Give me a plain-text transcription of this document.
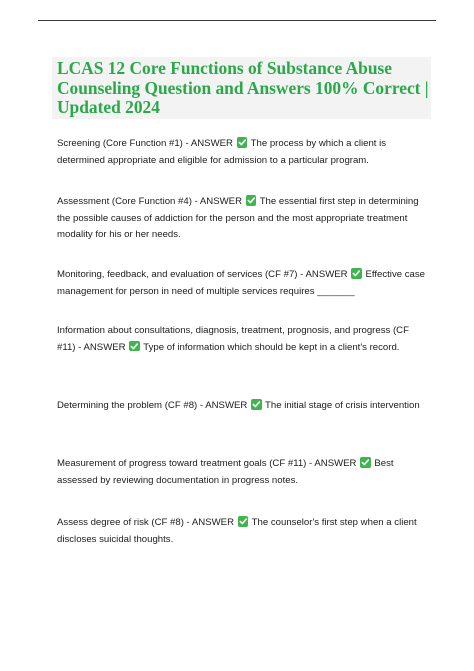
LCAS 12 Core Functions of Substance Abuse Counseling Question and Answers 100% Correct | Updated 2024

Screening (Core Function #1) - ANSWER The process by which a client is determined appropriate and eligible for admission to a particular program.

Assessment (Core Function #4) - ANSWER The essential first step in determining the possible causes of addiction for the person and the most appropriate treatment modality for his or her needs.

Monitoring, feedback, and evaluation of services (CF #7) - ANSWER Effective case management for person in need of multiple services requires _______

Information about consultations, diagnosis, treatment, prognosis, and progress (CF #11) - ANSWER Type of information which should be kept in a client's record.

Determining the problem (CF #8) - ANSWER The initial stage of crisis intervention

Measurement of progress toward treatment goals (CF #11) - ANSWER Best assessed by reviewing documentation in progress notes.

Assess degree of risk (CF #8) - ANSWER The counselor's first step when a client discloses suicidal thoughts.
